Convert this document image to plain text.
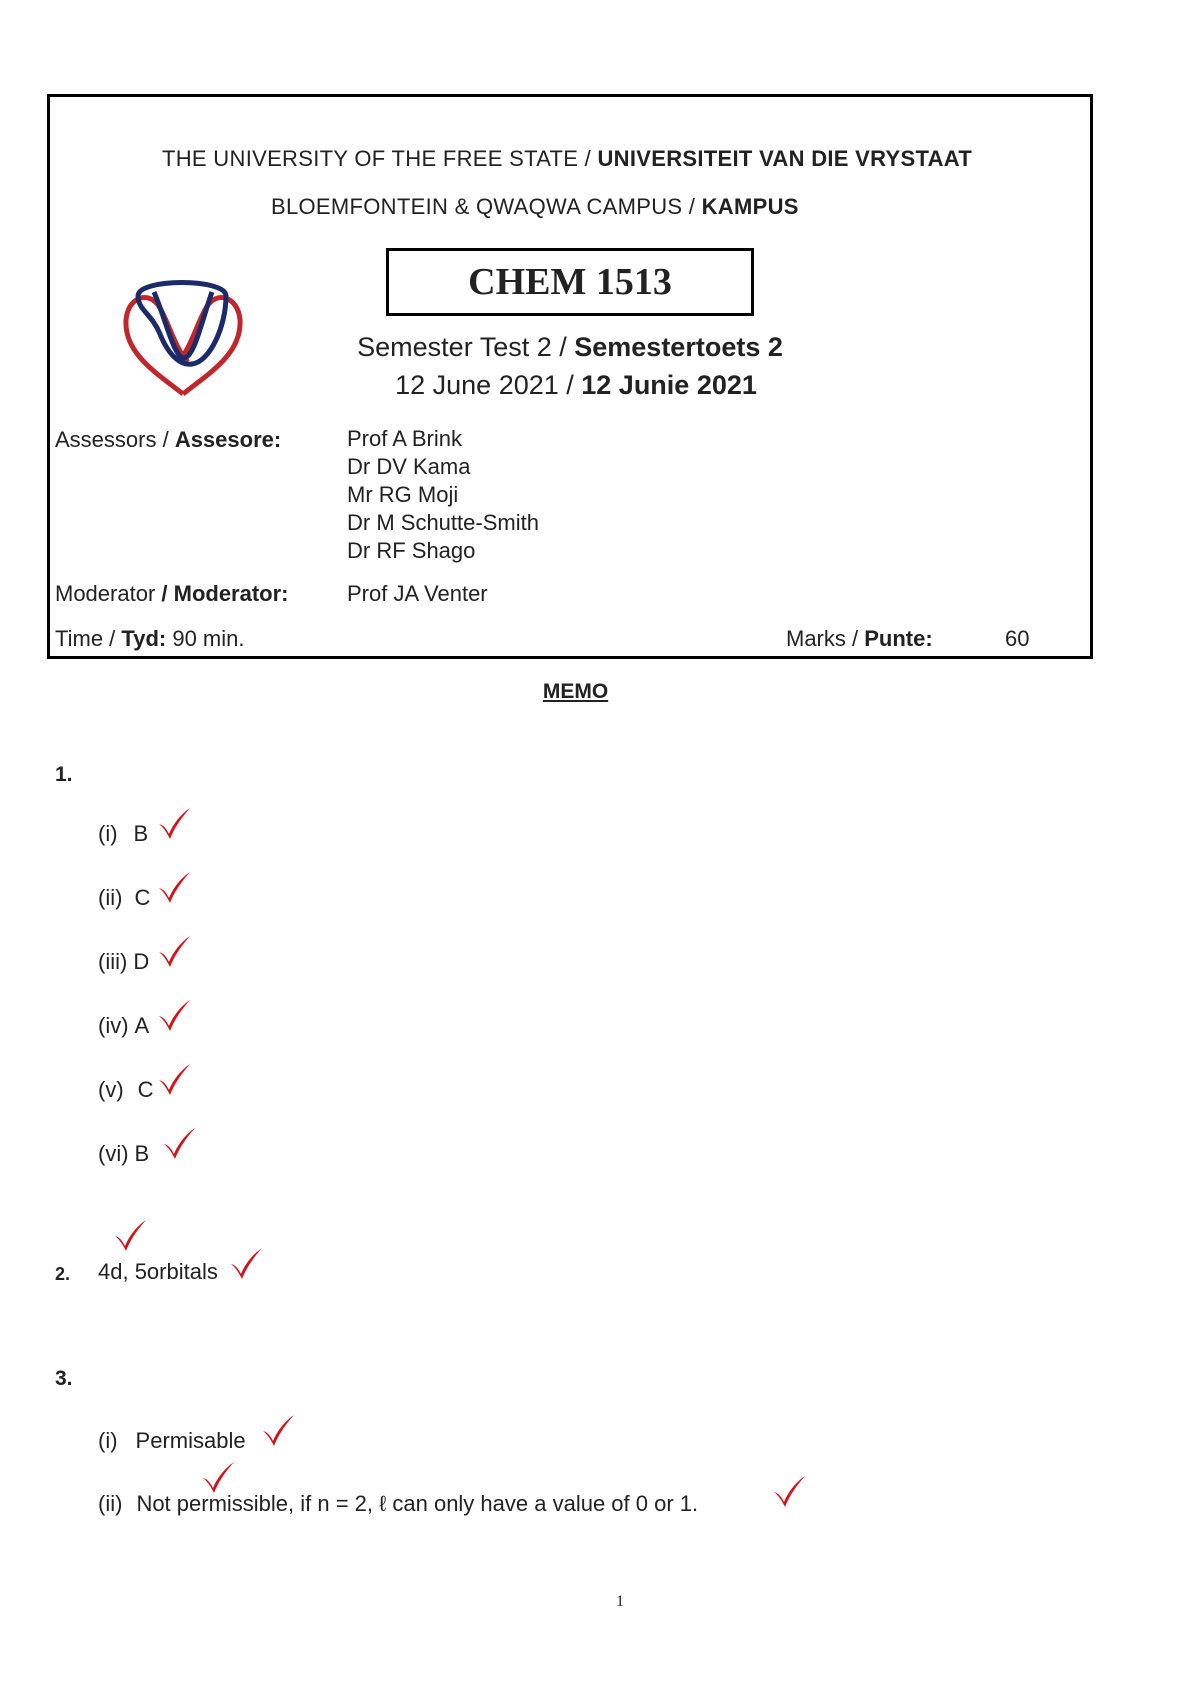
THE UNIVERSITY OF THE FREE STATE / UNIVERSITEIT VAN DIE VRYSTAAT
BLOEMFONTEIN & QWAQWA CAMPUS / KAMPUS
CHEM 1513
Semester Test 2 / Semestertoets 2
12 June 2021 / 12 Junie 2021
Assessors / Assesore:	Prof A Brink
Dr DV Kama
Mr RG Moji
Dr M Schutte-Smith
Dr RF Shago
Moderator / Moderator:	Prof JA Venter
Time / Tyd: 90 min.	Marks / Punte:	60
MEMO
1.
(i) B
(ii) C
(iii) D
(iv) A
(v) C
(vi) B
2. 4d, 5orbitals
3.
(i) Permisable
(ii) Not permissible, if n = 2, ℓ can only have a value of 0 or 1.
1
